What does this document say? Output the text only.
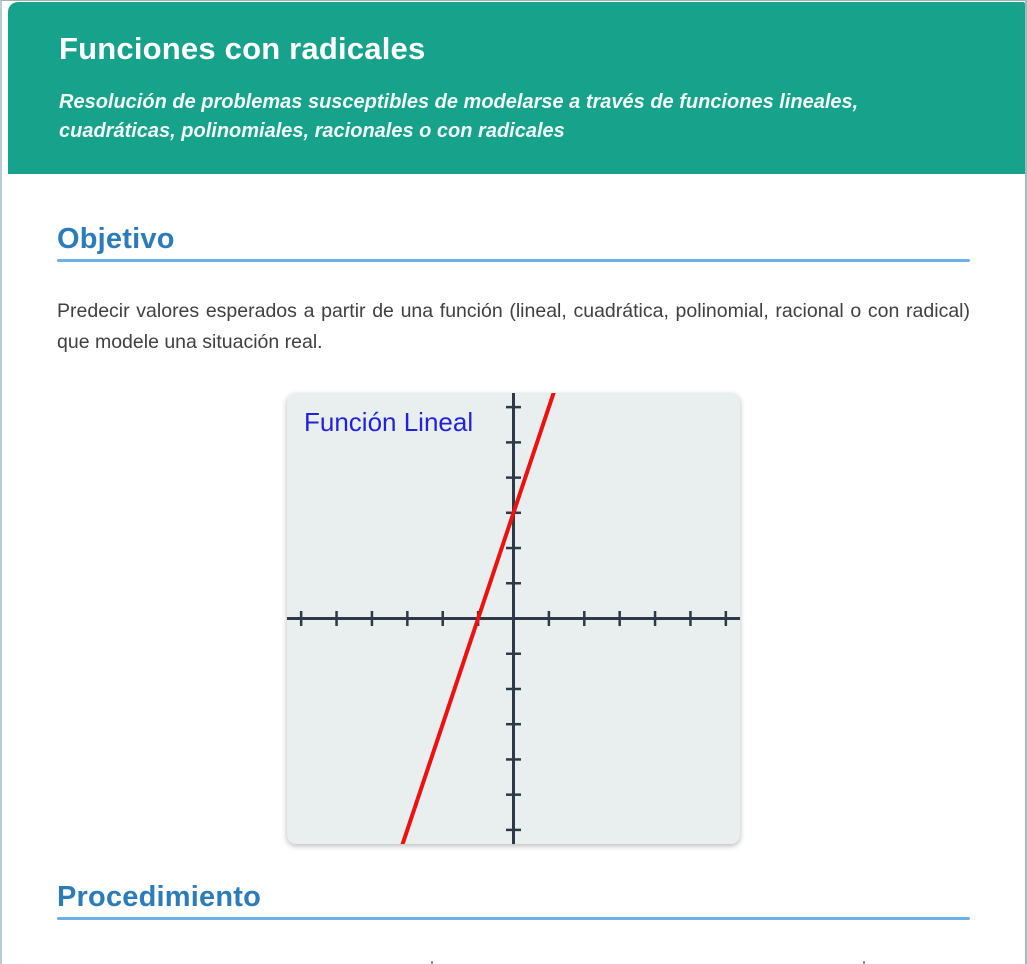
Funciones con radicales
Resolución de problemas susceptibles de modelarse a través de funciones lineales, cuadráticas, polinomiales, racionales o con radicales
Objetivo
Predecir valores esperados a partir de una función (lineal, cuadrática, polinomial, racional o con radical) que modele una situación real.
Función Lineal
Procedimiento
